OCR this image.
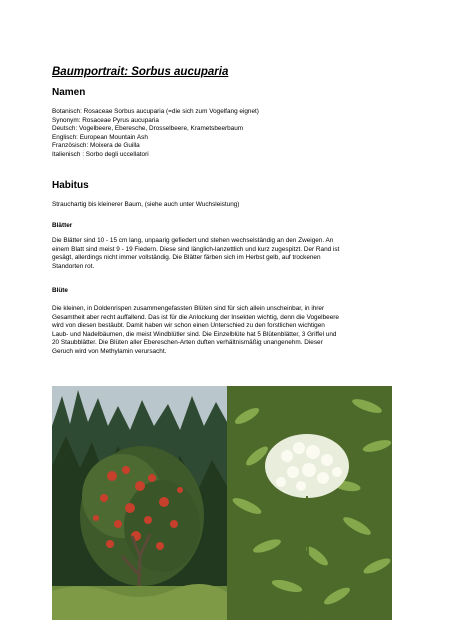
Baumportrait: Sorbus aucuparia
Namen
Botanisch: Rosaceae Sorbus aucuparia (=die sich zum Vogelfang eignet)
Synonym: Rosaceae Pyrus aucuparia
Deutsch: Vogelbeere, Eberesche, Drosselbeere, Krametsbeerbaum
Englisch: European Mountain Ash
Französisch: Moixera de Guilla
Italienisch : Sorbo degli uccellatori
Habitus
Strauchartig bis kleinerer Baum, (siehe auch unter Wuchsleistung)
Blätter
Die Blätter sind 10 - 15 cm lang, unpaarig gefiedert und stehen wechselständig an den Zweigen. An
einem Blatt sind meist 9 - 19 Fiedern. Diese sind länglich-lanzettlich und kurz zugespitzt. Der Rand ist
gesägt, allerdings nicht immer vollständig. Die Blätter färben sich im Herbst gelb, auf trockenen
Standorten rot.
Blüte
Die kleinen, in Doldenrispen zusammengefassten Blüten sind für sich allein unscheinbar, in ihrer
Gesamtheit aber recht auffallend. Das ist für die Anlockung der Insekten wichtig, denn die Vogelbeere
wird von diesen bestäubt. Damit haben wir schon einen Unterschied zu den forstlichen wichtigen
Laub- und Nadelbäumen, die meist Windblütler sind. Die Einzelblüte hat 5 Blütenblätter, 3 Griffel und
20 Staubblätter. Die Blüten aller Ebereschen-Arten duften verhältnismäßig unangenehm. Dieser
Geruch wird von Methylamin verursacht.
